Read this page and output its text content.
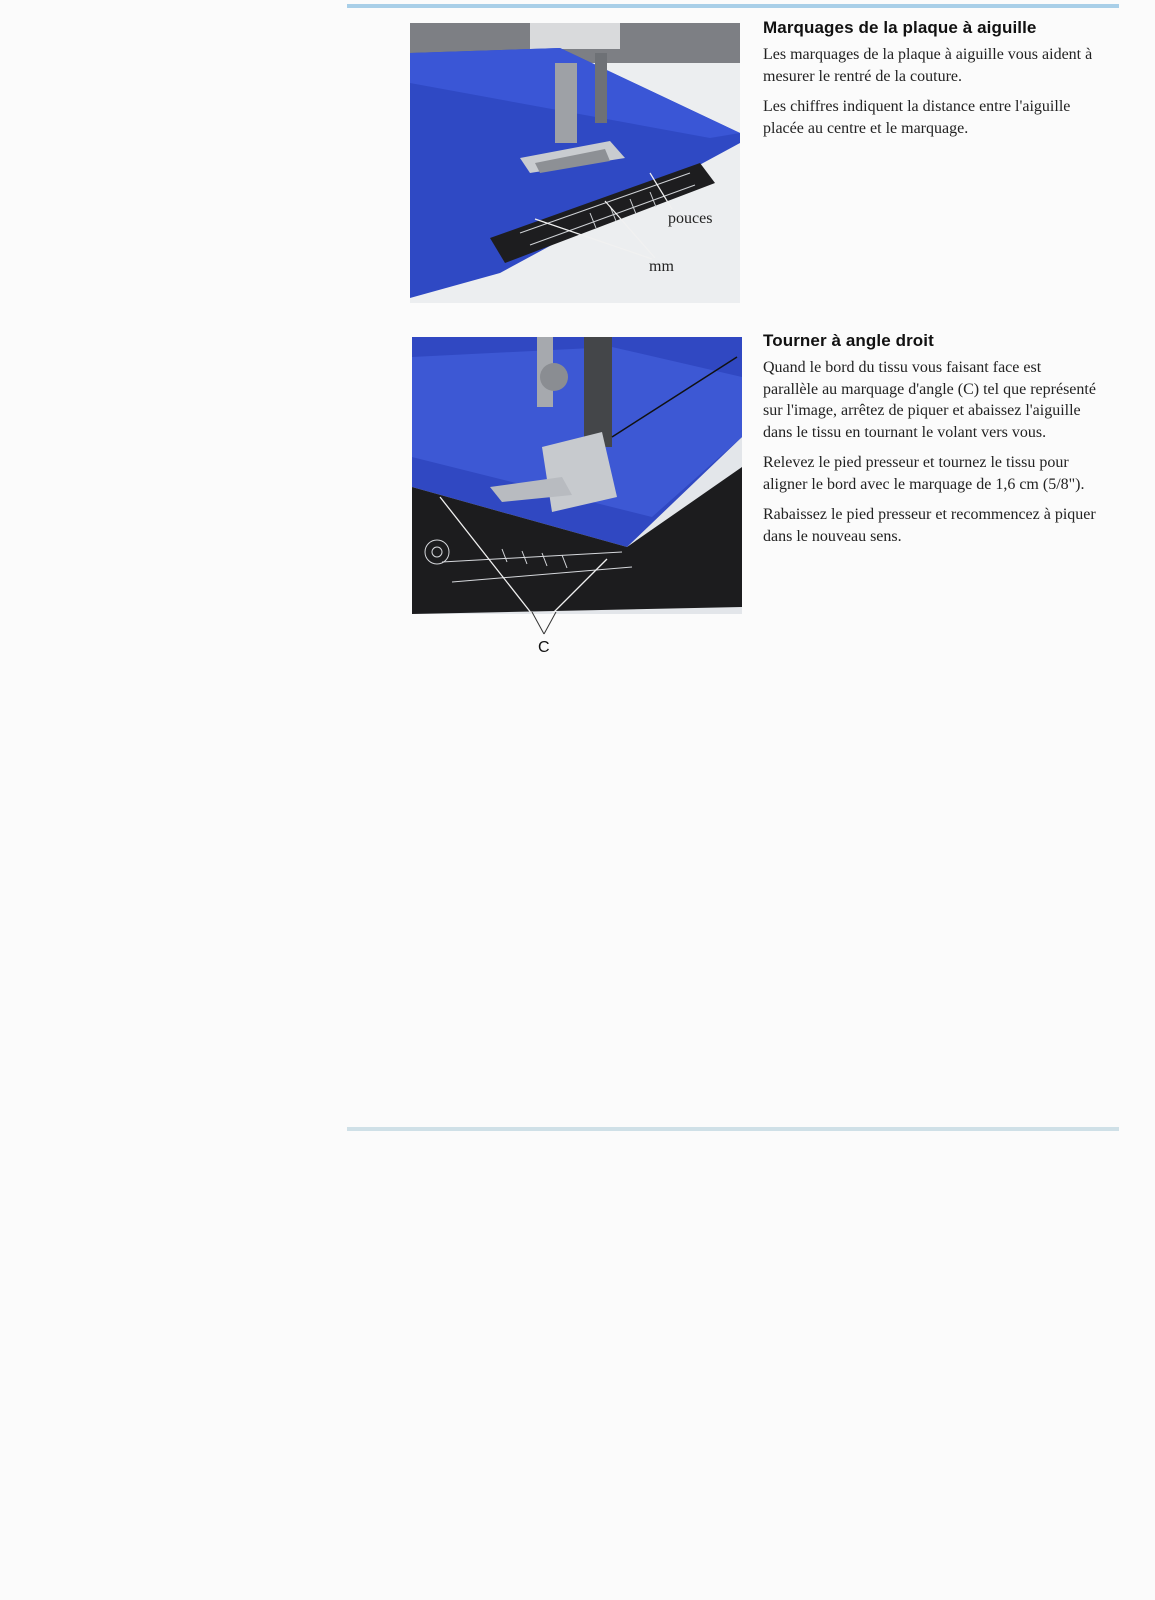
pouces
mm
Marquages de la plaque à aiguille

Les marquages de la plaque à aiguille vous aident à mesurer le rentré de la couture.

Les chiffres indiquent la distance entre l'aiguille placée au centre et le marquage.

C
Tourner à angle droit

Quand le bord du tissu vous faisant face est parallèle au marquage d'angle (C) tel que représenté sur l'image, arrêtez de piquer et abaissez l'aiguille dans le tissu en tournant le volant vers vous.

Relevez le pied presseur et tournez le tissu pour aligner le bord avec le marquage de 1,6 cm (5/8").

Rabaissez le pied presseur et recommencez à piquer dans le nouveau sens.
